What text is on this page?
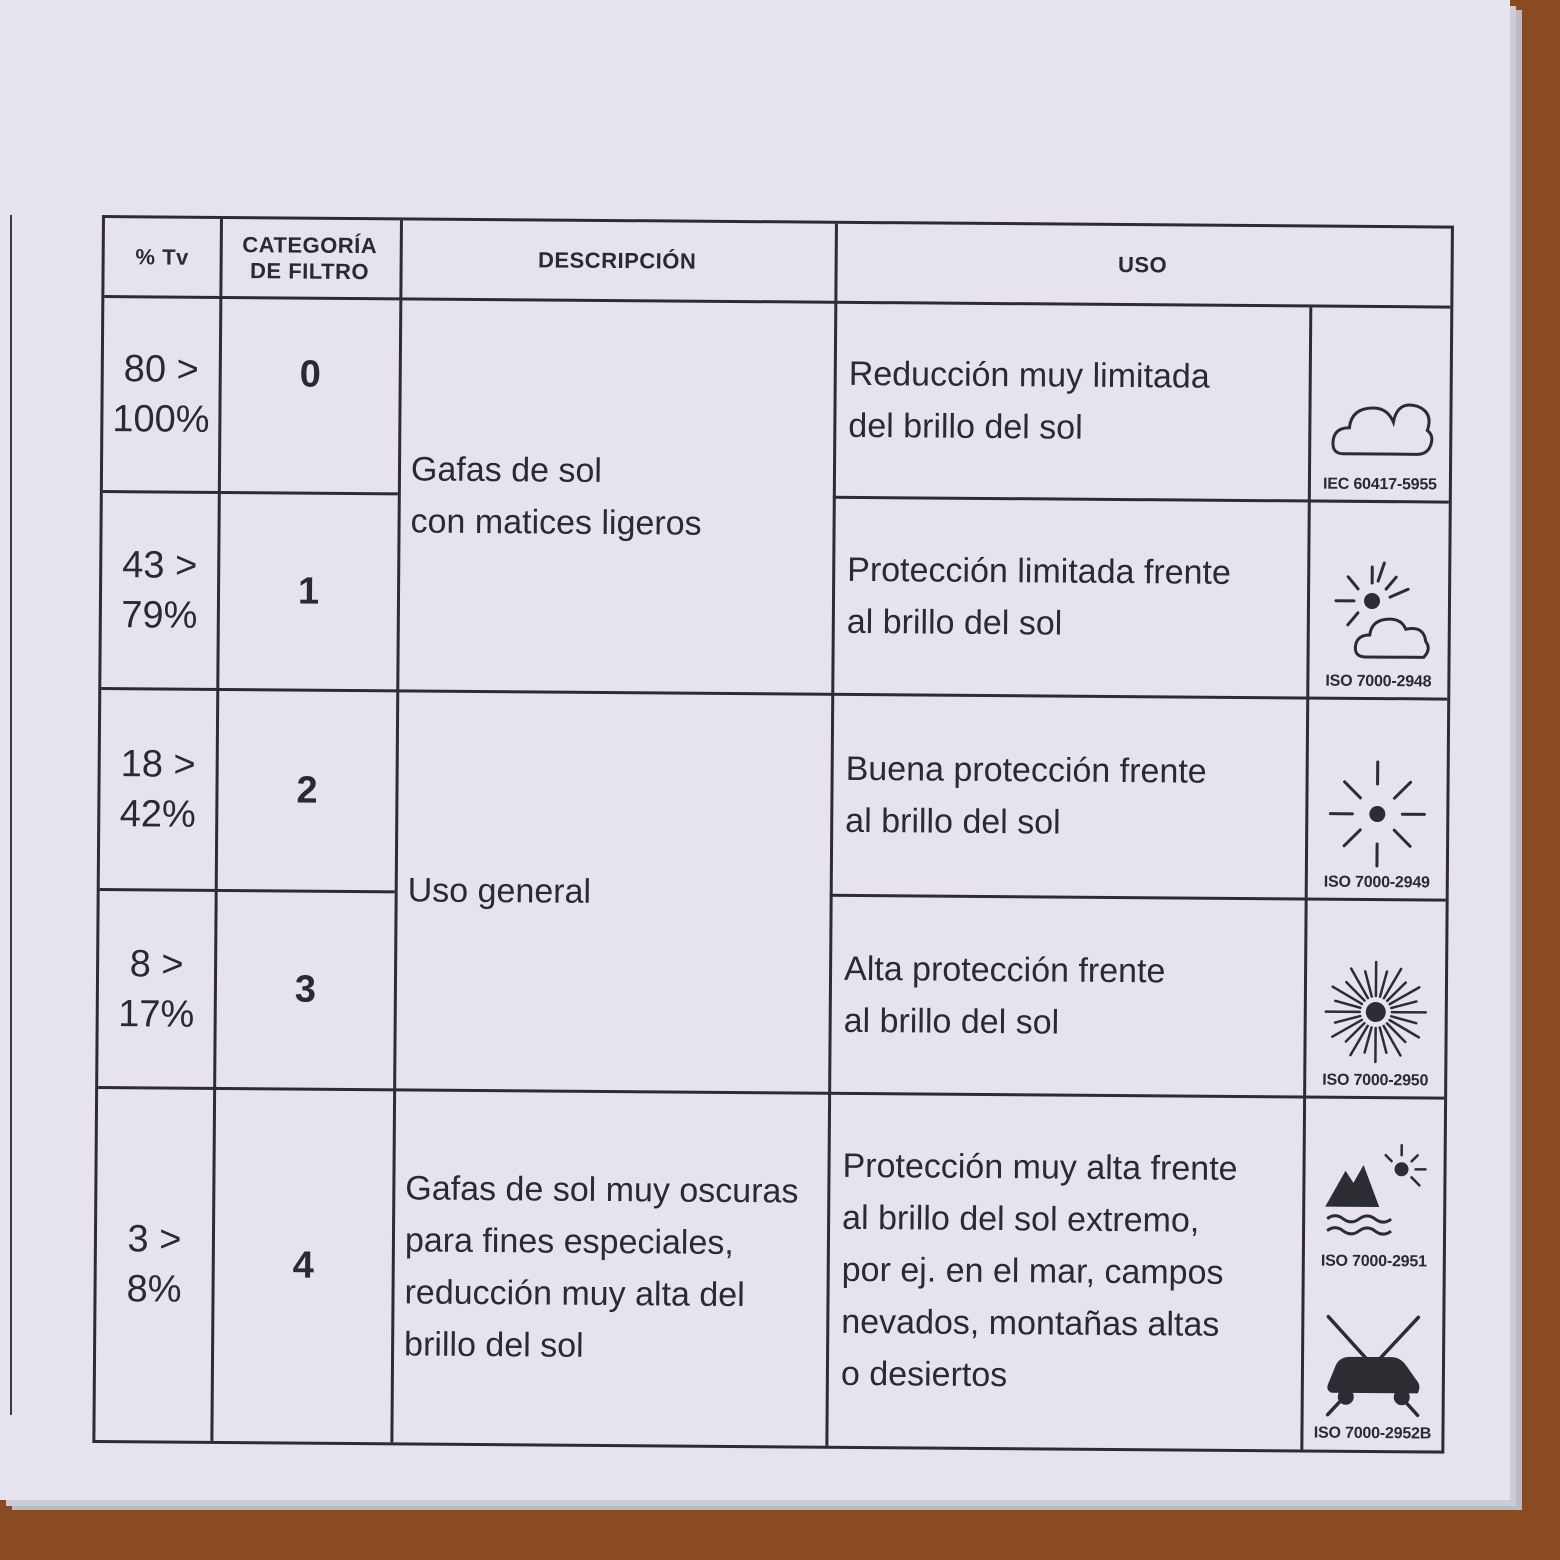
% Tv CATEGORÍA
DE FILTRO	DESCRIPCIÓN	USO
80 >
100%
43 >
79%
18 >
42%
8 >
17%
3 >
8%
0
1
2
3
4
Gafas de sol
con matices ligeros
Uso general
Gafas de sol muy oscuras
para fines especiales,
reducción muy alta del
brillo del sol
Reducción muy limitada
del brillo del sol
Protección limitada frente
al brillo del sol
Buena protección frente
al brillo del sol
Alta protección frente
al brillo del sol
Protección muy alta frente
al brillo del sol extremo,
por ej. en el mar, campos
nevados, montañas altas
o desiertos
IEC 60417-5955
ISO 7000-2948
ISO 7000-2949
ISO 7000-2950
ISO 7000-2951
ISO 7000-2952B
